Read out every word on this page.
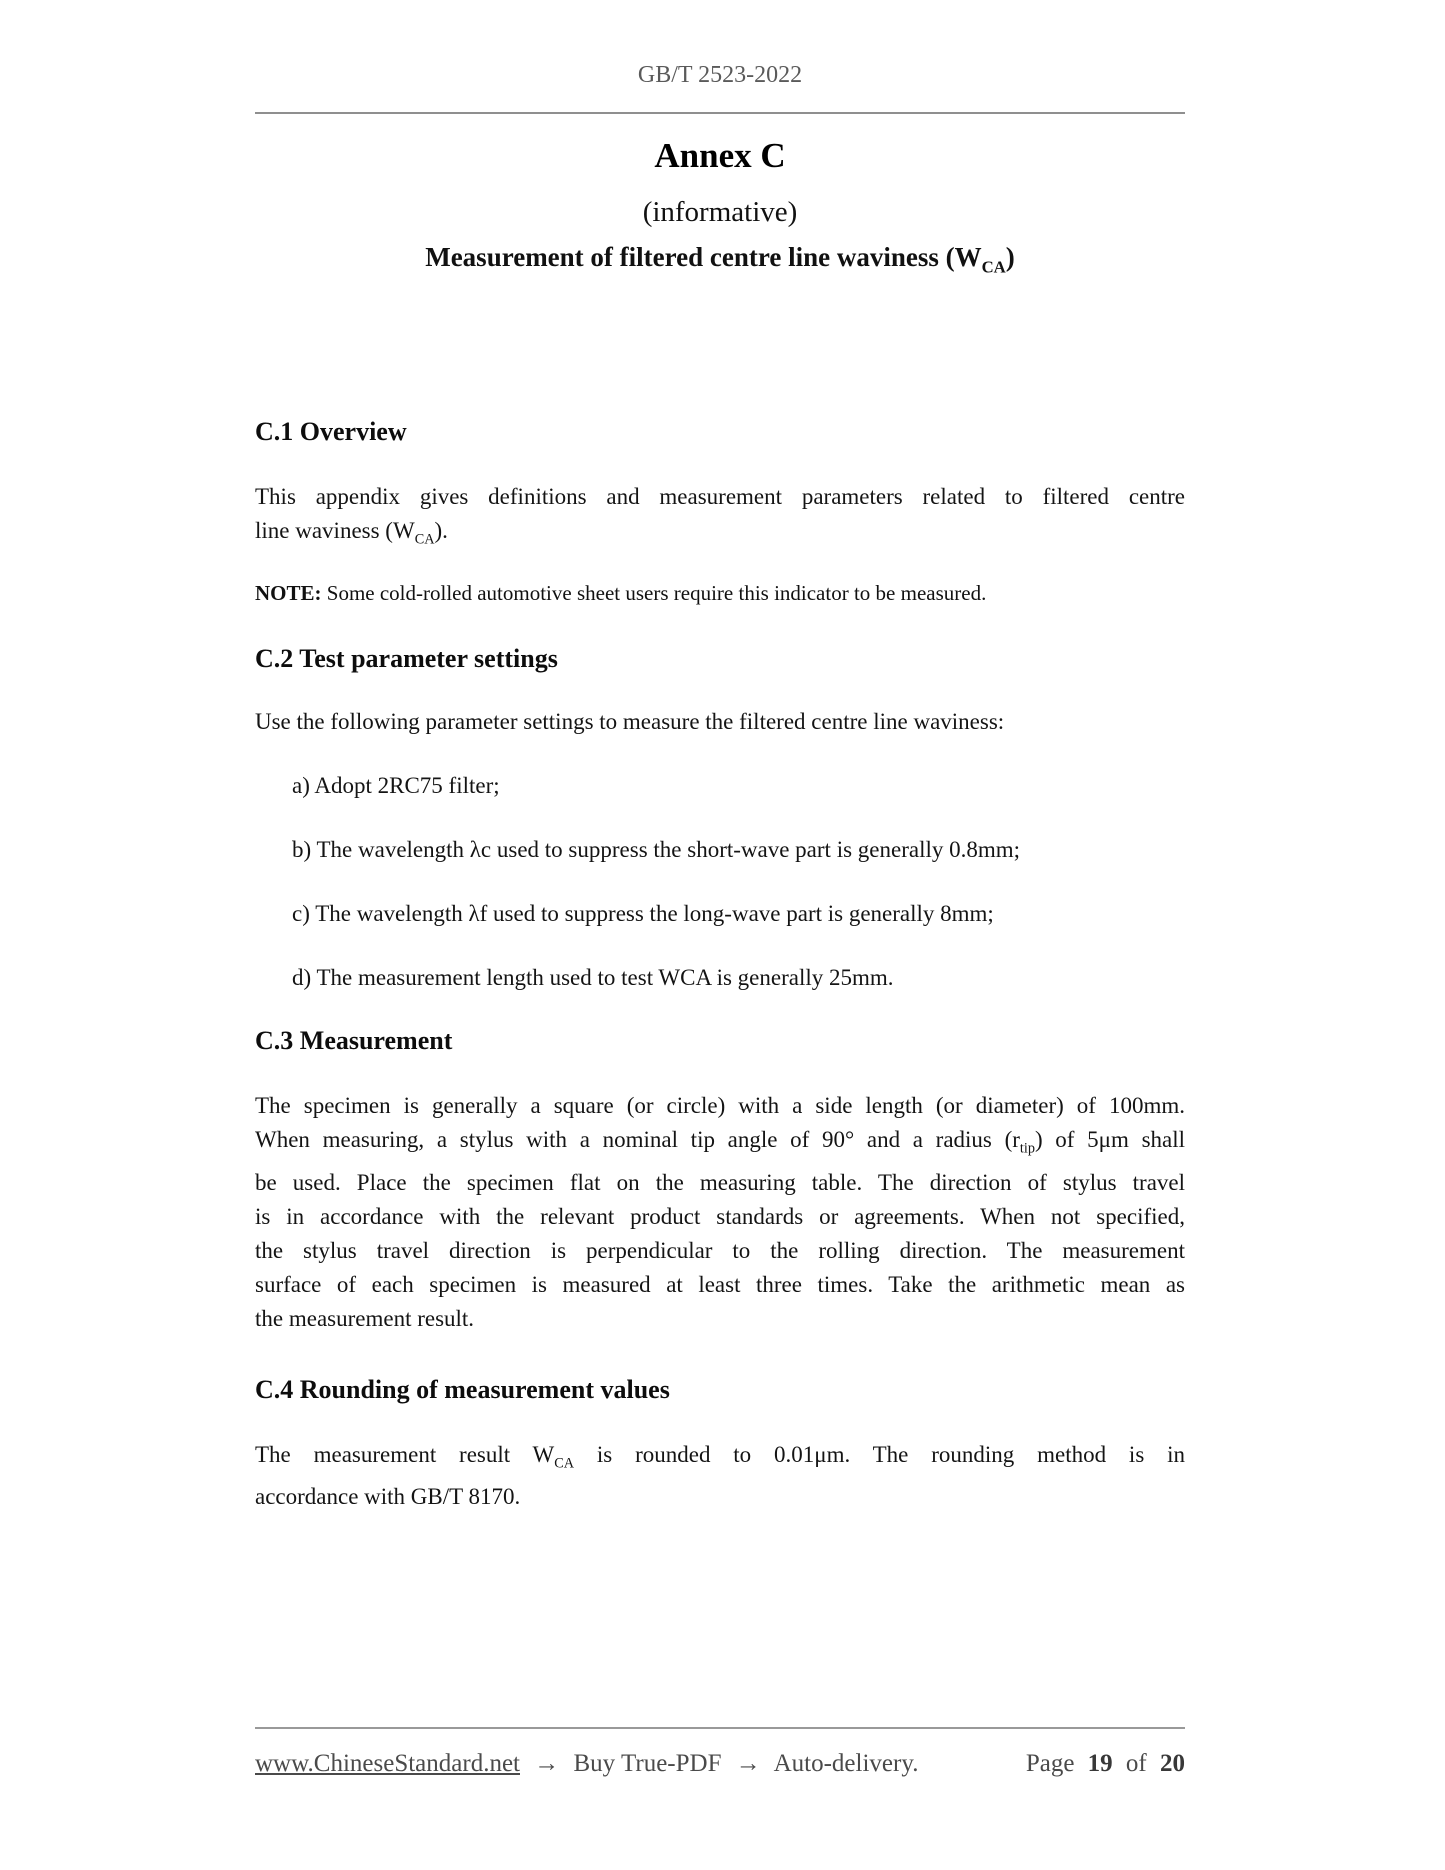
GB/T 2523-2022
Annex C
(informative)
Measurement of filtered centre line waviness $(W_{CA})$
C.1 Overview
This appendix gives definitions and measurement parameters related to filtered centre
line waviness $(W_{CA})$.
NOTE: Some cold-rolled automotive sheet users require this indicator to be measured.
C.2 Test parameter settings
Use the following parameter settings to measure the filtered centre line waviness:
a) Adopt 2RC75 filter;
b) The wavelength λc used to suppress the short-wave part is generally 0.8mm;
c) The wavelength λf used to suppress the long-wave part is generally 8mm;
d) The measurement length used to test WCA is generally 25mm.
C.3 Measurement
The specimen is generally a square (or circle) with a side length (or diameter) of 100mm.
When measuring, a stylus with a nominal tip angle of 90° and a radius $(r_{tip})$ of 5μm shall
be used. Place the specimen flat on the measuring table. The direction of stylus travel
is in accordance with the relevant product standards or agreements. When not specified,
the stylus travel direction is perpendicular to the rolling direction. The measurement
surface of each specimen is measured at least three times. Take the arithmetic mean as
the measurement result.
C.4 Rounding of measurement values
The measurement result $W_{CA}$ is rounded to 0.01μm. The rounding method is in
accordance with GB/T 8170.
www.ChineseStandard.net → Buy True-PDF → Auto-delivery.	Page 19 of 20
